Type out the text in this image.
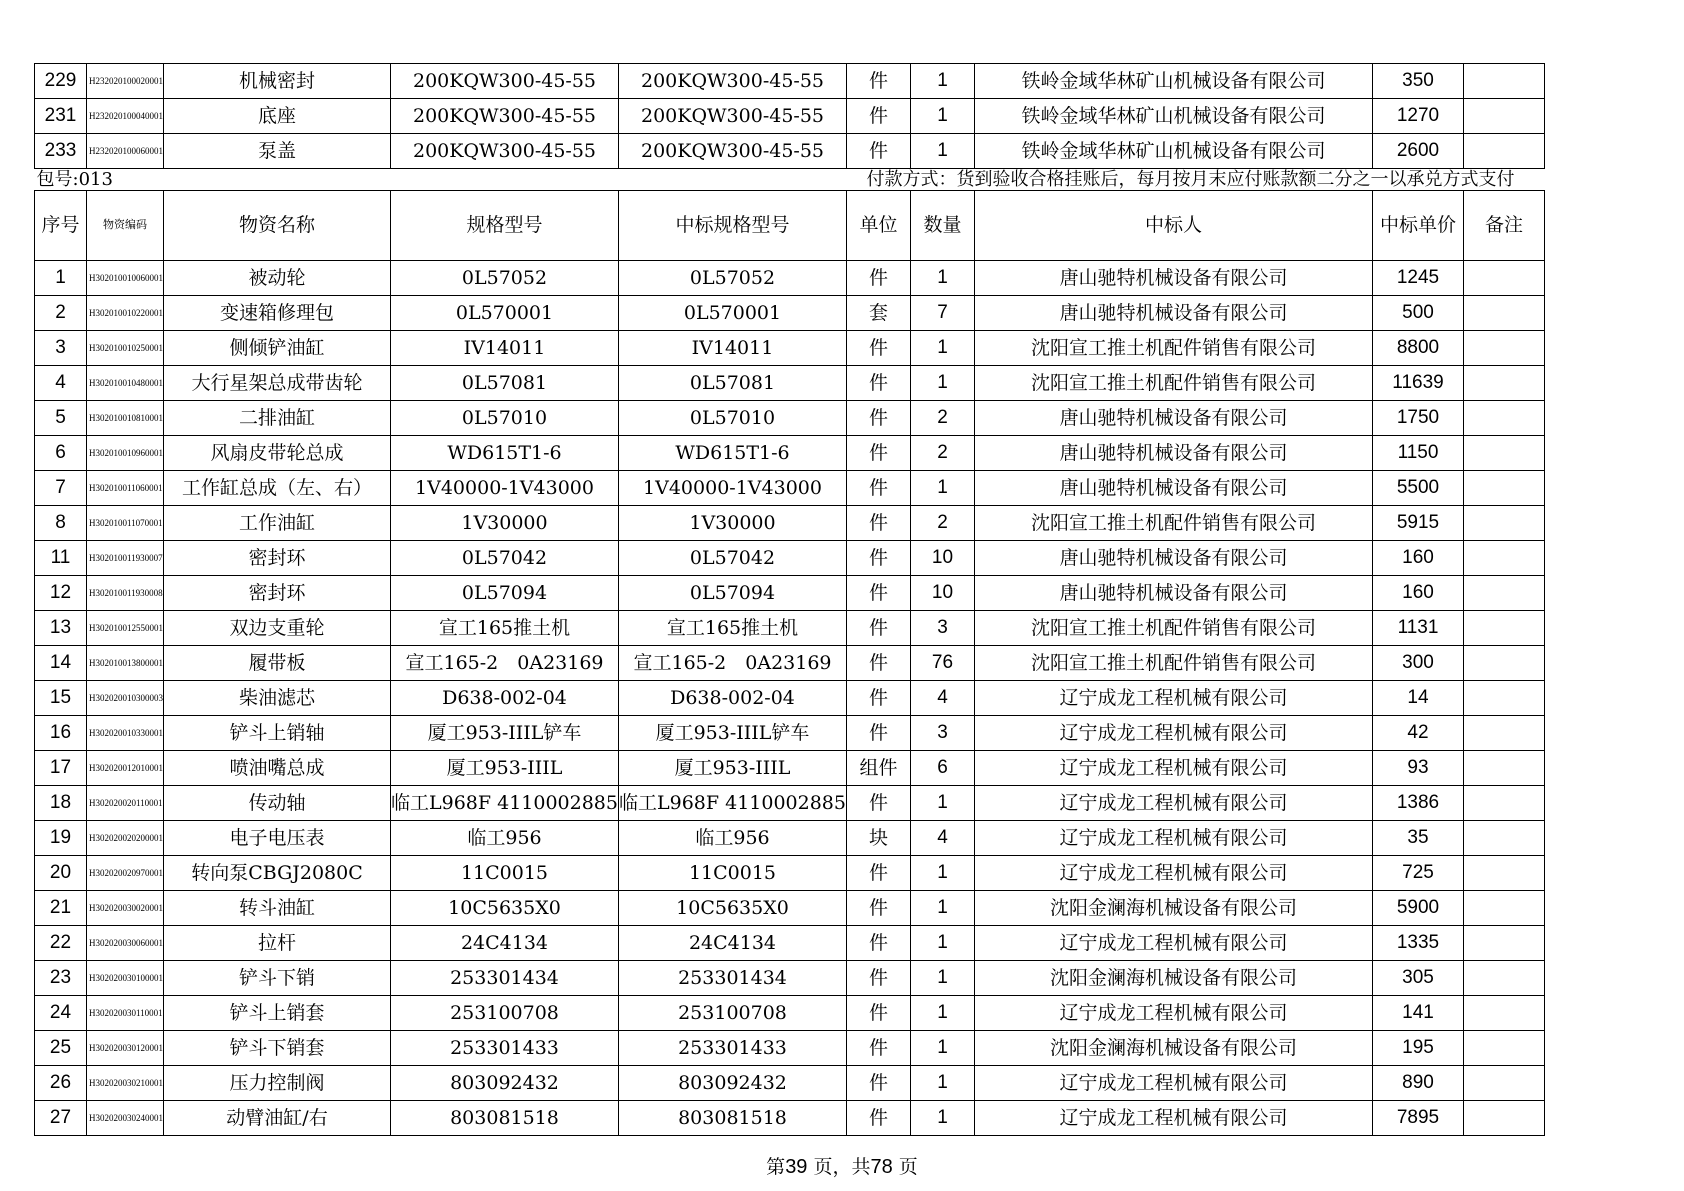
229	H232020100020001	机械密封	200KQW300-45-55	200KQW300-45-55	件	1	铁岭金域华林矿山机械设备有限公司	350	
231	H232020100040001	底座	200KQW300-45-55	200KQW300-45-55	件	1	铁岭金域华林矿山机械设备有限公司	1270	
233	H232020100060001	泵盖	200KQW300-45-55	200KQW300-45-55	件	1	铁岭金域华林矿山机械设备有限公司	2600	
包号:013					付款方式：货到验收合格挂账后，每月按月末应付账款额二分之一以承兑方式支付				
序号	物资编码	物资名称	规格型号	中标规格型号	单位	数量	中标人	中标单价	备注
1	H302010010060001	被动轮	0L57052	0L57052	件	1	唐山驰特机械设备有限公司	1245	
2	H302010010220001	变速箱修理包	0L570001	0L570001	套	7	唐山驰特机械设备有限公司	500	
3	H302010010250001	侧倾铲油缸	IV14011	IV14011	件	1	沈阳宣工推土机配件销售有限公司	8800	
4	H302010010480001	大行星架总成带齿轮	0L57081	0L57081	件	1	沈阳宣工推土机配件销售有限公司	11639	
5	H302010010810001	二排油缸	0L57010	0L57010	件	2	唐山驰特机械设备有限公司	1750	
6	H302010010960001	风扇皮带轮总成	WD615T1-6	WD615T1-6	件	2	唐山驰特机械设备有限公司	1150	
7	H302010011060001	工作缸总成（左、右）	1V40000-1V43000	1V40000-1V43000	件	1	唐山驰特机械设备有限公司	5500	
8	H302010011070001	工作油缸	1V30000	1V30000	件	2	沈阳宣工推土机配件销售有限公司	5915	
11	H302010011930007	密封环	0L57042	0L57042	件	10	唐山驰特机械设备有限公司	160	
12	H302010011930008	密封环	0L57094	0L57094	件	10	唐山驰特机械设备有限公司	160	
13	H302010012550001	双边支重轮	宣工165推土机	宣工165推土机	件	3	沈阳宣工推土机配件销售有限公司	1131	
14	H302010013800001	履带板	宣工165-2　0A23169	宣工165-2　0A23169	件	76	沈阳宣工推土机配件销售有限公司	300	
15	H302020010300003	柴油滤芯	D638-002-04	D638-002-04	件	4	辽宁成龙工程机械有限公司	14	
16	H302020010330001	铲斗上销轴	厦工953-IIIL铲车	厦工953-IIIL铲车	件	3	辽宁成龙工程机械有限公司	42	
17	H302020012010001	喷油嘴总成	厦工953-IIIL	厦工953-IIIL	组件	6	辽宁成龙工程机械有限公司	93	
18	H302020020110001	传动轴	临工L968F 4110002885	临工L968F 4110002885	件	1	辽宁成龙工程机械有限公司	1386	
19	H302020020200001	电子电压表	临工956	临工956	块	4	辽宁成龙工程机械有限公司	35	
20	H302020020970001	转向泵CBGJ2080C	11C0015	11C0015	件	1	辽宁成龙工程机械有限公司	725	
21	H302020030020001	转斗油缸	10C5635X0	10C5635X0	件	1	沈阳金澜海机械设备有限公司	5900	
22	H302020030060001	拉杆	24C4134	24C4134	件	1	辽宁成龙工程机械有限公司	1335	
23	H302020030100001	铲斗下销	253301434	253301434	件	1	沈阳金澜海机械设备有限公司	305	
24	H302020030110001	铲斗上销套	253100708	253100708	件	1	辽宁成龙工程机械有限公司	141	
25	H302020030120001	铲斗下销套	253301433	253301433	件	1	沈阳金澜海机械设备有限公司	195	
26	H302020030210001	压力控制阀	803092432	803092432	件	1	辽宁成龙工程机械有限公司	890	
27	H302020030240001	动臂油缸/右	803081518	803081518	件	1	辽宁成龙工程机械有限公司	7895	
第39 页，共78 页
